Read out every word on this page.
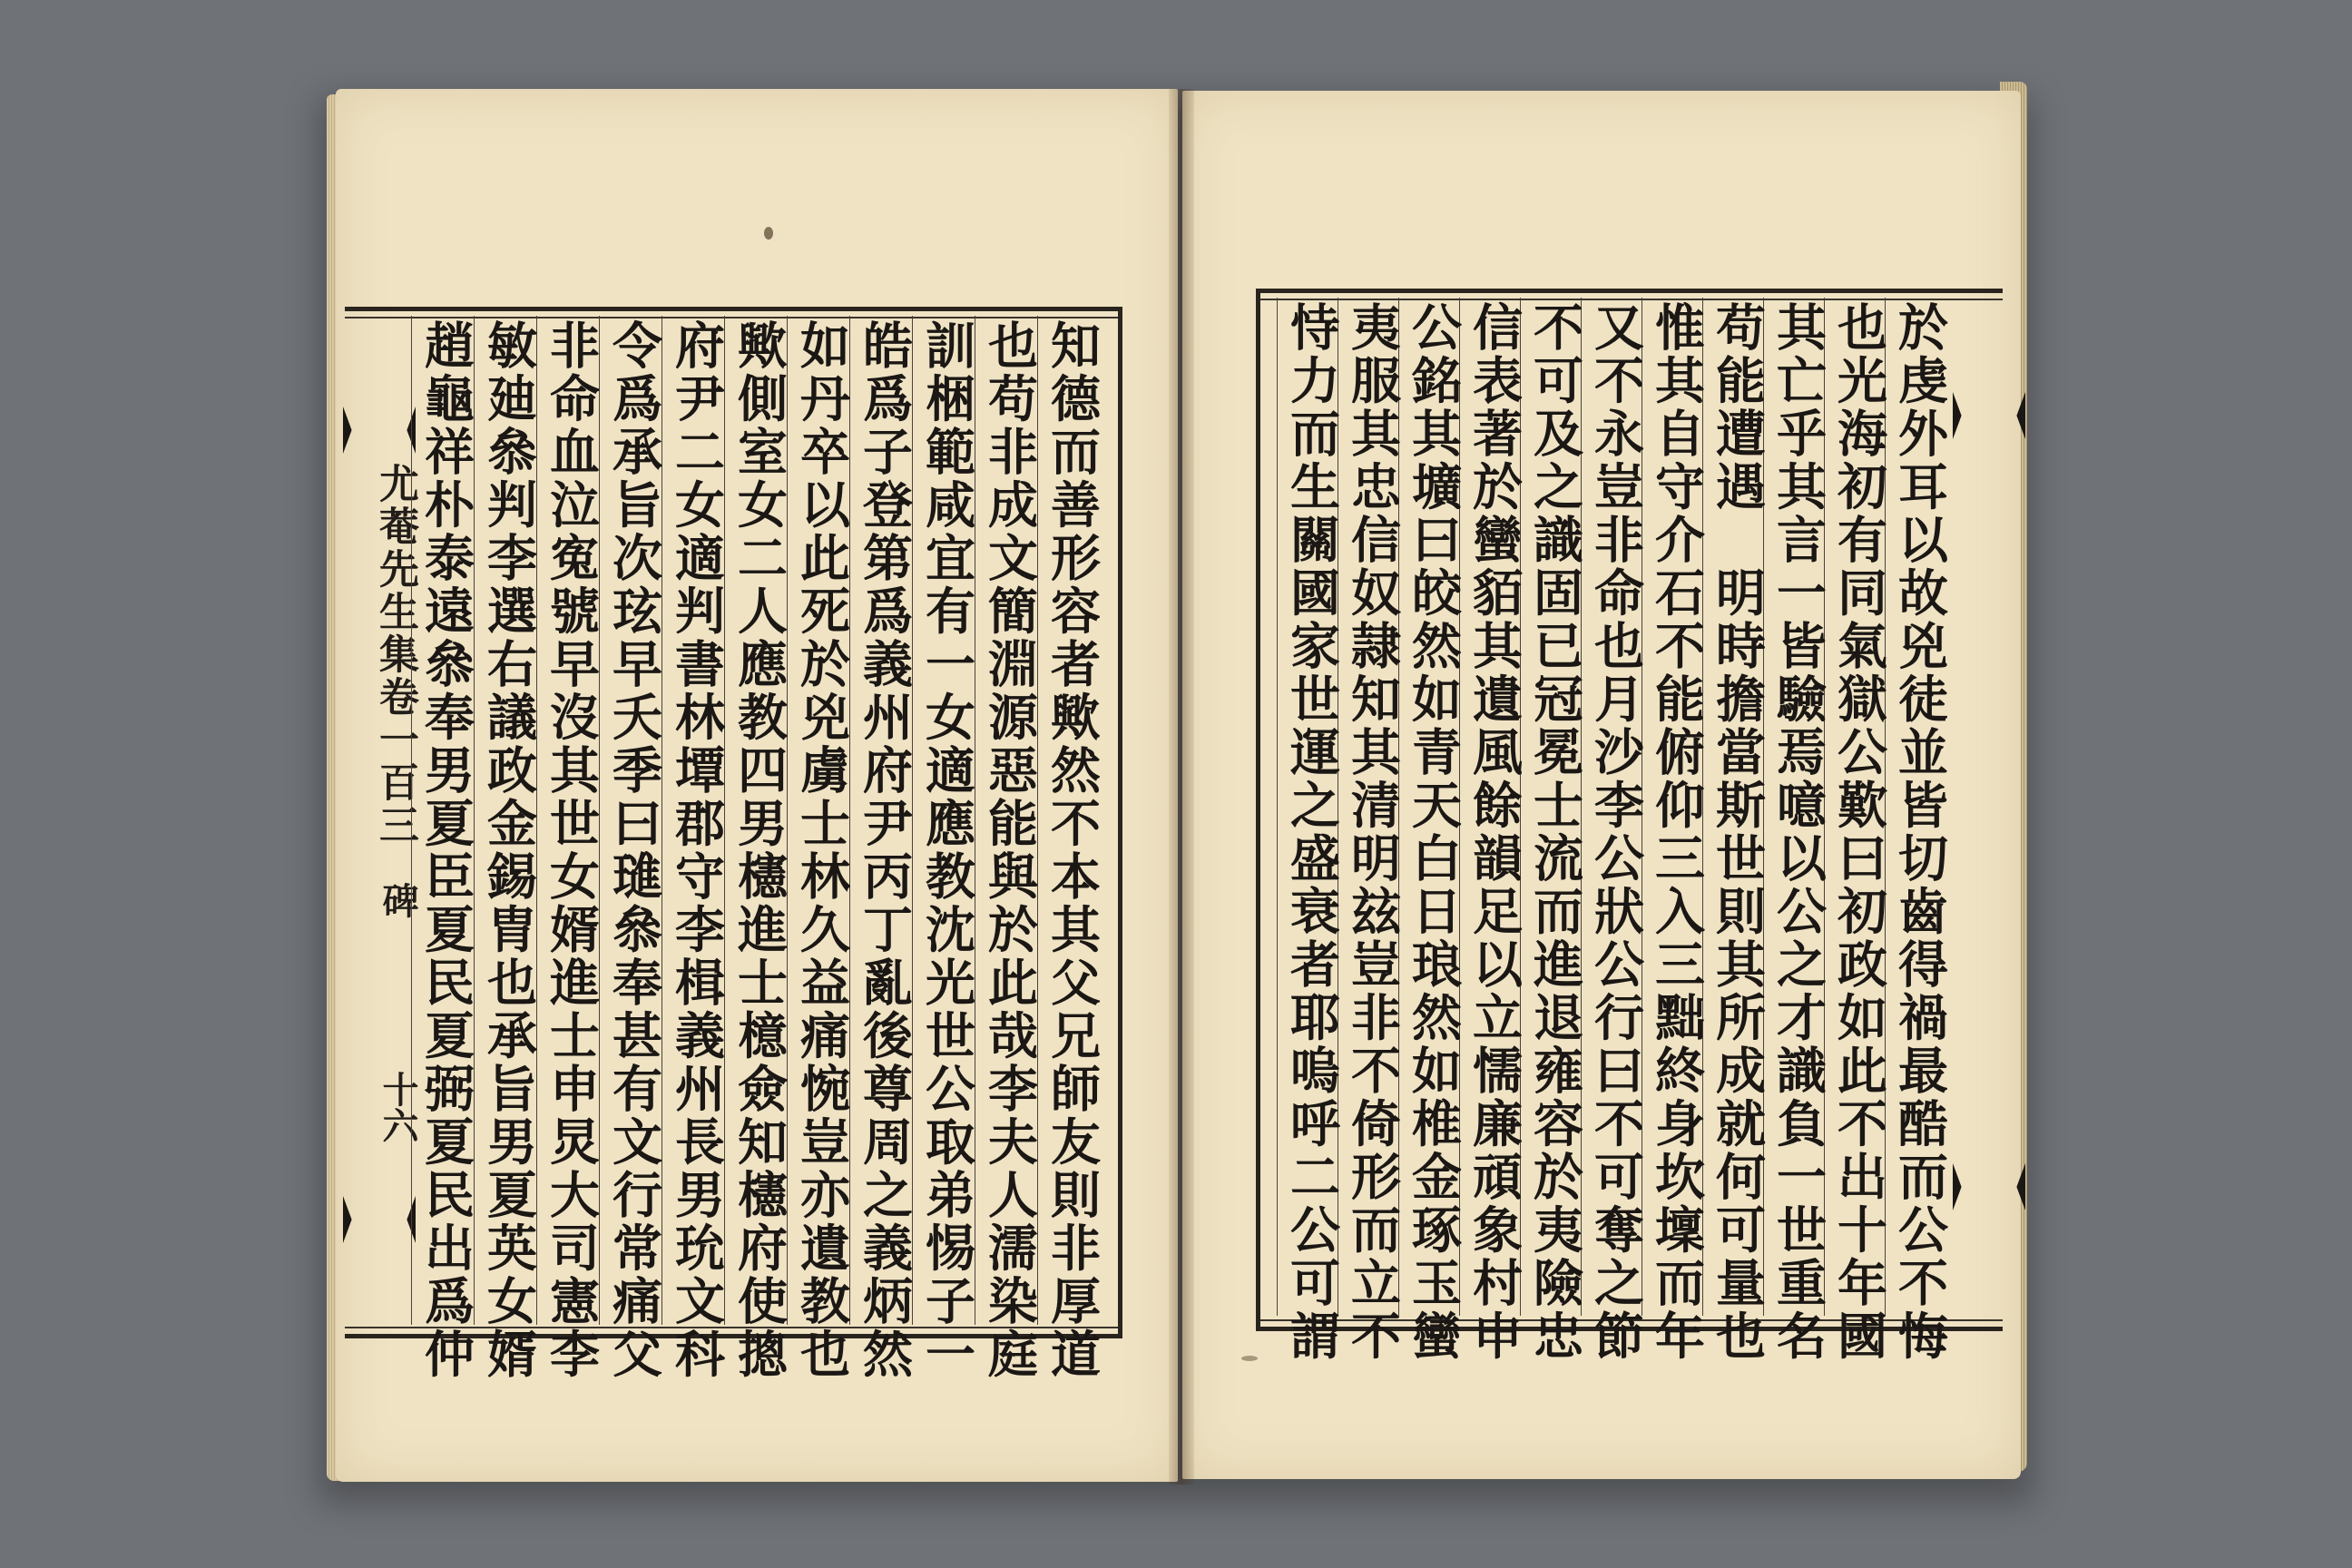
尤菴先生集卷一百三
碑
十六	知德而善形容者歟然不本其父兄師友則非厚道
也苟非成文簡淵源惡能與於此哉李夫人濡染庭
訓梱範咸宜有一女適應教沈光世公取弟惕子一
皓爲子登第爲義州府尹丙丁亂後尊周之義炳然
如丹卒以此死於兇虜士林久益痛惋豈亦遺教也
歟側室女二人應教四男櫶進士檍僉知櫶府使摠
府尹二女適判書林墰郡守李楫義州長男玧文科
令爲承旨次玹早夭季曰璡叅奉甚有文行常痛父
非命血泣寃號早沒其世女婿進士申炅大司憲李
敏廸叅判李選右議政金錫胄也承旨男夏英女婿
趙龜祥朴泰遠叅奉男夏臣夏民夏弼夏民出爲仲	於虔外耳以故兇徒並皆切齒得禍最酷而公不悔
也光海初有同氣獄公歎曰初政如此不出十年國
其亡乎其言一皆驗焉噫以公之才識負一世重名
苟能遭遇　明時擔當斯世則其所成就何可量也
惟其自守介石不能俯仰三入三黜終身坎壈而年
又不永豈非命也月沙李公狀公行曰不可奪之節
不可及之識固已冠冕士流而進退雍容於夷險忠
信表著於蠻貊其遺風餘韻足以立懦廉頑象村申
公銘其壙曰皎然如青天白日琅然如椎金琢玉蠻
夷服其忠信奴隷知其清明玆豈非不倚形而立不
恃力而生關國家世運之盛衰者耶嗚呼二公可謂
